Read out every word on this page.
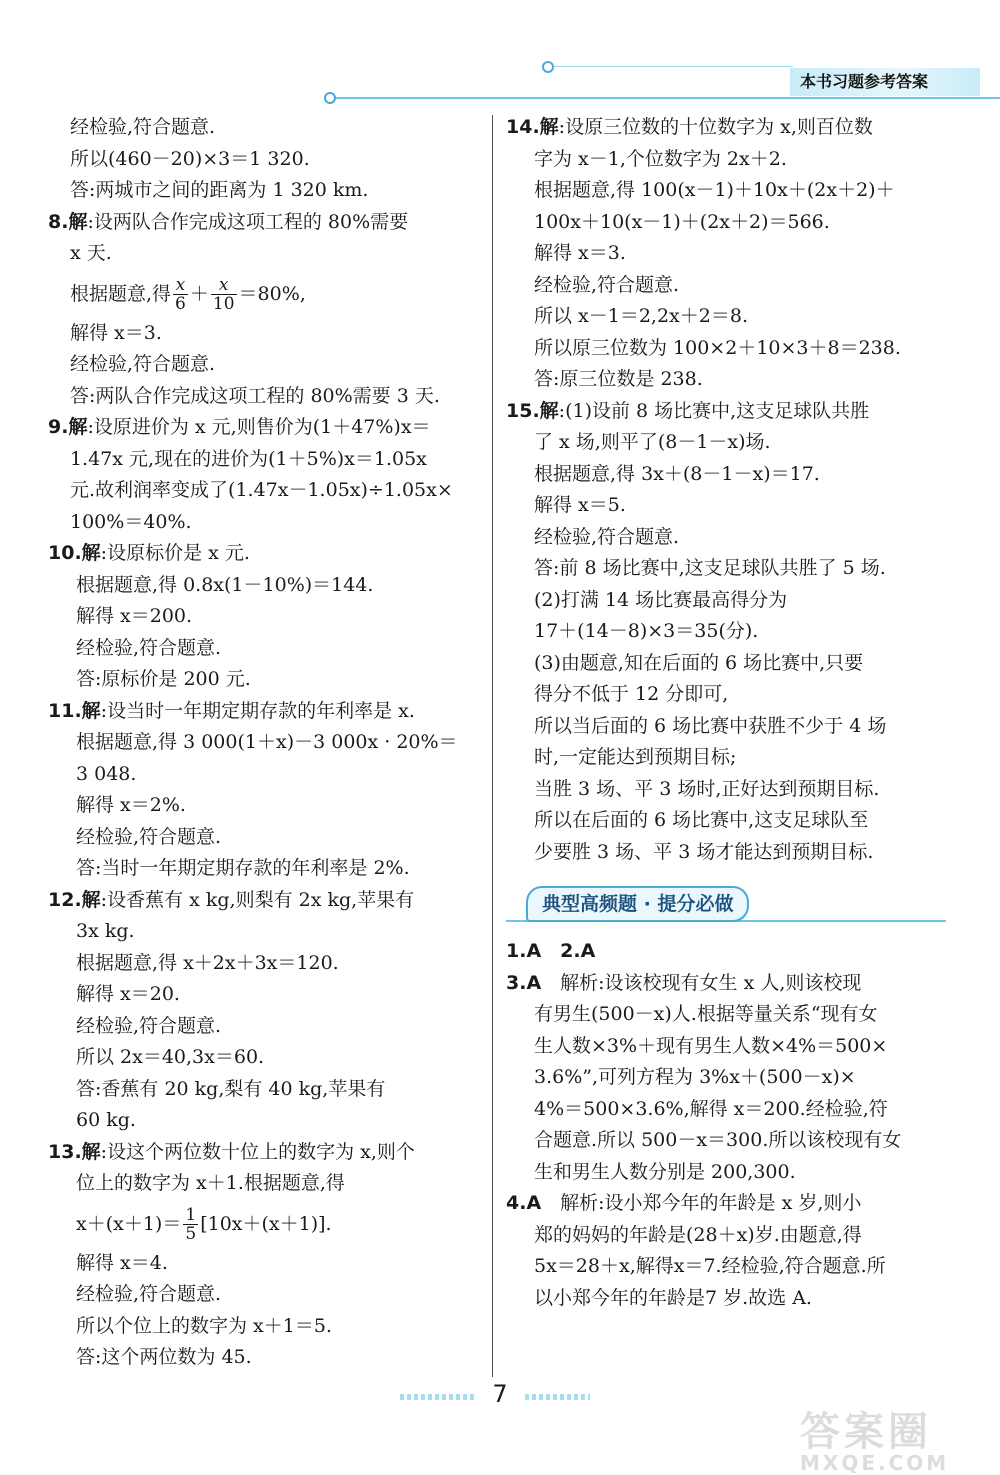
本书习题参考答案
经检验,符合题意.
所以(460－20)×3＝1 320.
答:两城市之间的距离为 1 320 km.
8.解:设两队合作完成这项工程的 80%需要
x 天.
根据题意,得 $\frac{x}{6} + \frac{x}{10} =80\%$,
解得 x＝3.
经检验,符合题意.
答:两队合作完成这项工程的 80%需要 3 天.
9.解:设原进价为 x 元,则售价为(1＋47%)x＝
1.47x 元,现在的进价为(1＋5%)x＝1.05x
元.故利润率变成了(1.47x－1.05x)÷1.05x×
100%＝40%.
10.解:设原标价是 x 元.
根据题意,得 0.8x(1－10%)＝144.
解得 x＝200.
经检验,符合题意.
答:原标价是 200 元.
11.解:设当时一年期定期存款的年利率是 x.
根据题意,得 3 000(1＋x)－3 000x · 20%＝
3 048.
解得 x＝2%.
经检验,符合题意.
答:当时一年期定期存款的年利率是 2%.
12.解:设香蕉有 x kg,则梨有 2x kg,苹果有
3x kg.
根据题意,得 x＋2x＋3x＝120.
解得 x＝20.
经检验,符合题意.
所以 2x＝40,3x＝60.
答:香蕉有 20 kg,梨有 40 kg,苹果有
60 kg.
13.解:设这个两位数十位上的数字为 x,则个
位上的数字为 x＋1.根据题意,得
$x+(x+1)= \frac{1}{5} [10x+(x+1)]$.
解得 x＝4.
经检验,符合题意.
所以个位上的数字为 x＋1＝5.
答:这个两位数为 45.
14.解:设原三位数的十位数字为 x,则百位数
字为 x－1,个位数字为 2x＋2.
根据题意,得 100(x－1)＋10x＋(2x＋2)＋
100x＋10(x－1)＋(2x＋2)＝566.
解得 x＝3.
经检验,符合题意.
所以 x－1＝2,2x＋2＝8.
所以原三位数为 100×2＋10×3＋8＝238.
答:原三位数是 238.
15.解:(1)设前 8 场比赛中,这支足球队共胜
了 x 场,则平了(8－1－x)场.
根据题意,得 3x＋(8－1－x)＝17.
解得 x＝5.
经检验,符合题意.
答:前 8 场比赛中,这支足球队共胜了 5 场.
(2)打满 14 场比赛最高得分为
17＋(14－8)×3＝35(分).
(3)由题意,知在后面的 6 场比赛中,只要
得分不低于 12 分即可,
所以当后面的 6 场比赛中获胜不少于 4 场
时,一定能达到预期目标;
当胜 3 场、平 3 场时,正好达到预期目标.
所以在后面的 6 场比赛中,这支足球队至
少要胜 3 场、平 3 场才能达到预期目标.
典型高频题 · 提分必做
1.A　2.A
3.A　解析:设该校现有女生 x 人,则该校现
有男生(500－x)人.根据等量关系“现有女
生人数×3%＋现有男生人数×4%＝500×
3.6%”,可列方程为 3%x＋(500－x)×
4%＝500×3.6%,解得 x＝200.经检验,符
合题意.所以 500－x＝300.所以该校现有女
生和男生人数分别是 200,300.
4.A　解析:设小郑今年的年龄是 x 岁,则小
郑的妈妈的年龄是(28＋x)岁.由题意,得
5x＝28＋x,解得x＝7.经检验,符合题意.所
以小郑今年的年龄是7 岁.故选 A.
7
答案圈
MXQE.COM
